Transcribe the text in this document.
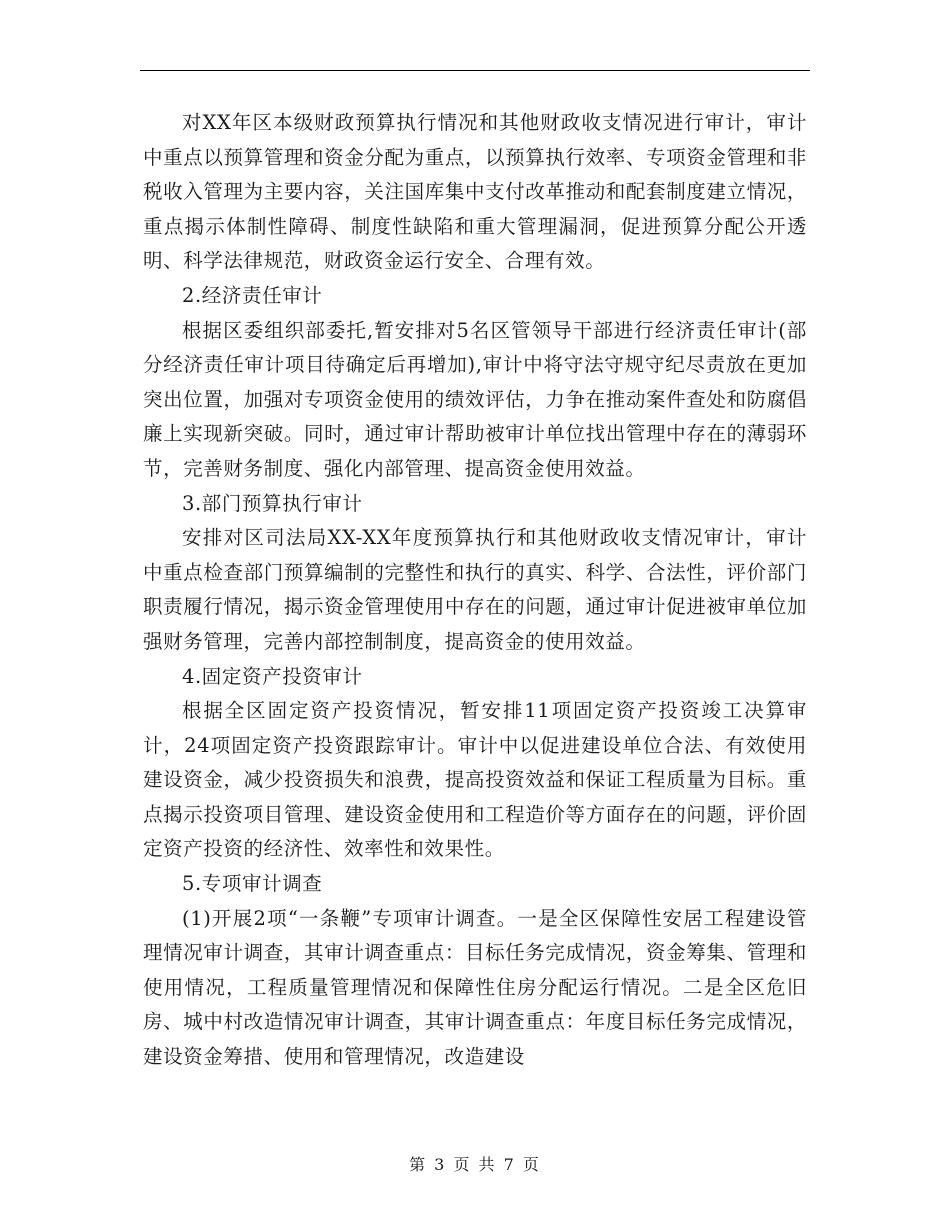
对XX年区本级财政预算执行情况和其他财政收支情况进行审计，审计中重点以预算管理和资金分配为重点，以预算执行效率、专项资金管理和非税收入管理为主要内容，关注国库集中支付改革推动和配套制度建立情况，重点揭示体制性障碍、制度性缺陷和重大管理漏洞，促进预算分配公开透明、科学法律规范，财政资金运行安全、合理有效。

2.经济责任审计

根据区委组织部委托,暂安排对5名区管领导干部进行经济责任审计(部分经济责任审计项目待确定后再增加),审计中将守法守规守纪尽责放在更加突出位置，加强对专项资金使用的绩效评估，力争在推动案件查处和防腐倡廉上实现新突破。同时，通过审计帮助被审计单位找出管理中存在的薄弱环节，完善财务制度、强化内部管理、提高资金使用效益。

3.部门预算执行审计

安排对区司法局XX-XX年度预算执行和其他财政收支情况审计，审计中重点检查部门预算编制的完整性和执行的真实、科学、合法性，评价部门职责履行情况，揭示资金管理使用中存在的问题，通过审计促进被审单位加强财务管理，完善内部控制制度，提高资金的使用效益。

4.固定资产投资审计

根据全区固定资产投资情况，暂安排11项固定资产投资竣工决算审计，24项固定资产投资跟踪审计。审计中以促进建设单位合法、有效使用建设资金，减少投资损失和浪费，提高投资效益和保证工程质量为目标。重点揭示投资项目管理、建设资金使用和工程造价等方面存在的问题，评价固定资产投资的经济性、效率性和效果性。

5.专项审计调查

(1)开展2项“一条鞭”专项审计调查。一是全区保障性安居工程建设管理情况审计调查，其审计调查重点：目标任务完成情况，资金筹集、管理和使用情况，工程质量管理情况和保障性住房分配运行情况。二是全区危旧房、城中村改造情况审计调查，其审计调查重点：年度目标任务完成情况，建设资金筹措、使用和管理情况，改造建设

第 3 页 共 7 页
